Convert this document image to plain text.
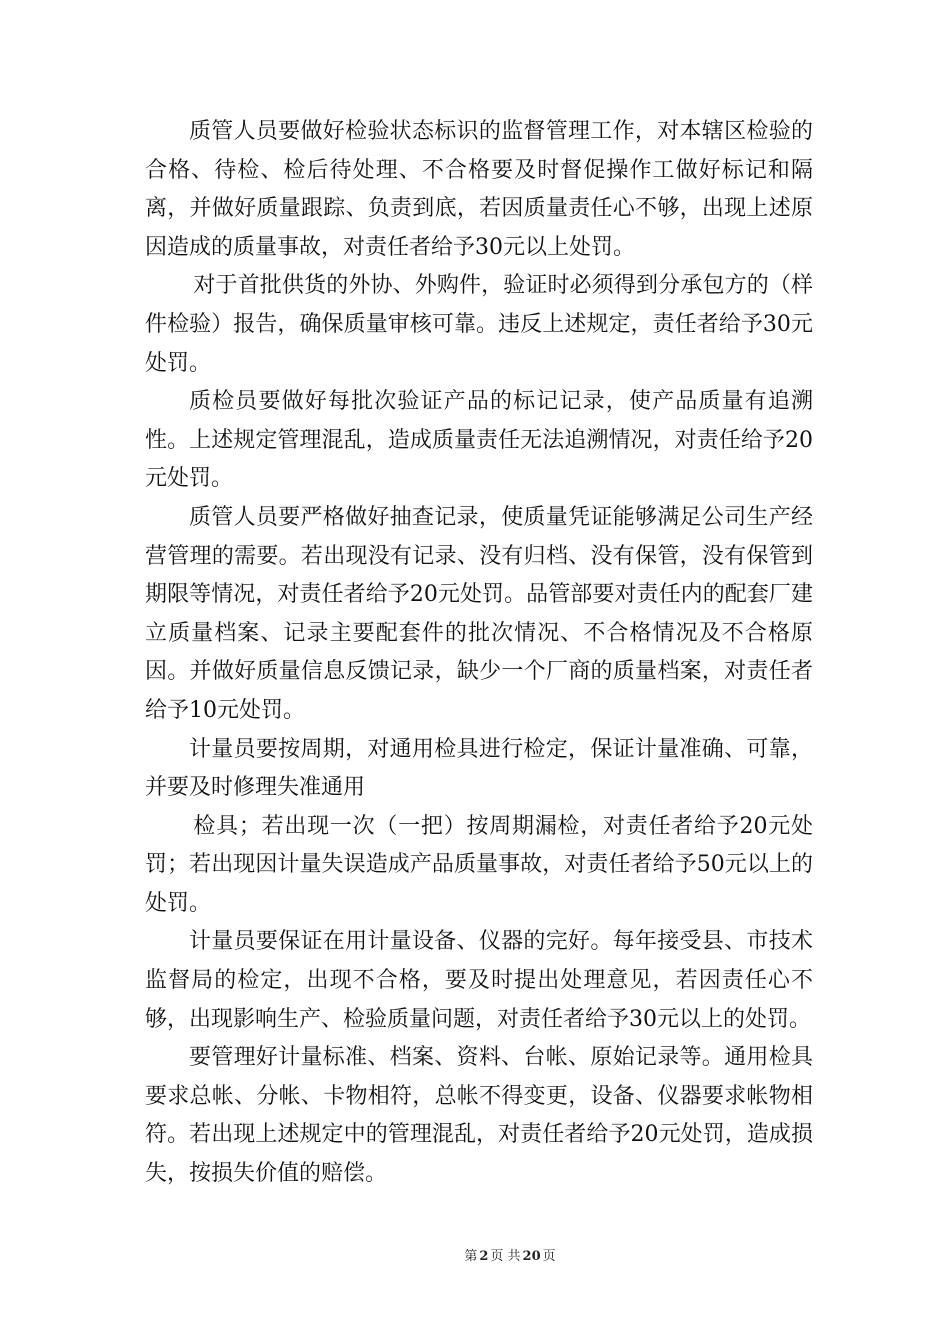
质管人员要做好检验状态标识的监督管理工作，对本辖区检验的合格、待检、检后待处理、不合格要及时督促操作工做好标记和隔离，并做好质量跟踪、负责到底，若因质量责任心不够，出现上述原因造成的质量事故，对责任者给予30元以上处罚。

对于首批供货的外协、外购件，验证时必须得到分承包方的（样件检验）报告，确保质量审核可靠。违反上述规定，责任者给予30元处罚。

质检员要做好每批次验证产品的标记记录，使产品质量有追溯性。上述规定管理混乱，造成质量责任无法追溯情况，对责任给予20元处罚。

质管人员要严格做好抽查记录，使质量凭证能够满足公司生产经营管理的需要。若出现没有记录、没有归档、没有保管，没有保管到期限等情况，对责任者给予20元处罚。品管部要对责任内的配套厂建立质量档案、记录主要配套件的批次情况、不合格情况及不合格原因。并做好质量信息反馈记录，缺少一个厂商的质量档案，对责任者给予10元处罚。

计量员要按周期，对通用检具进行检定，保证计量准确、可靠，并要及时修理失准通用

检具；若出现一次（一把）按周期漏检，对责任者给予20元处罚；若出现因计量失误造成产品质量事故，对责任者给予50元以上的处罚。

计量员要保证在用计量设备、仪器的完好。每年接受县、市技术监督局的检定，出现不合格，要及时提出处理意见，若因责任心不够，出现影响生产、检验质量问题，对责任者给予30元以上的处罚。

要管理好计量标准、档案、资料、台帐、原始记录等。通用检具要求总帐、分帐、卡物相符，总帐不得变更，设备、仪器要求帐物相符。若出现上述规定中的管理混乱，对责任者给予20元处罚，造成损失，按损失价值的赔偿。

第 2 页 共 20 页
